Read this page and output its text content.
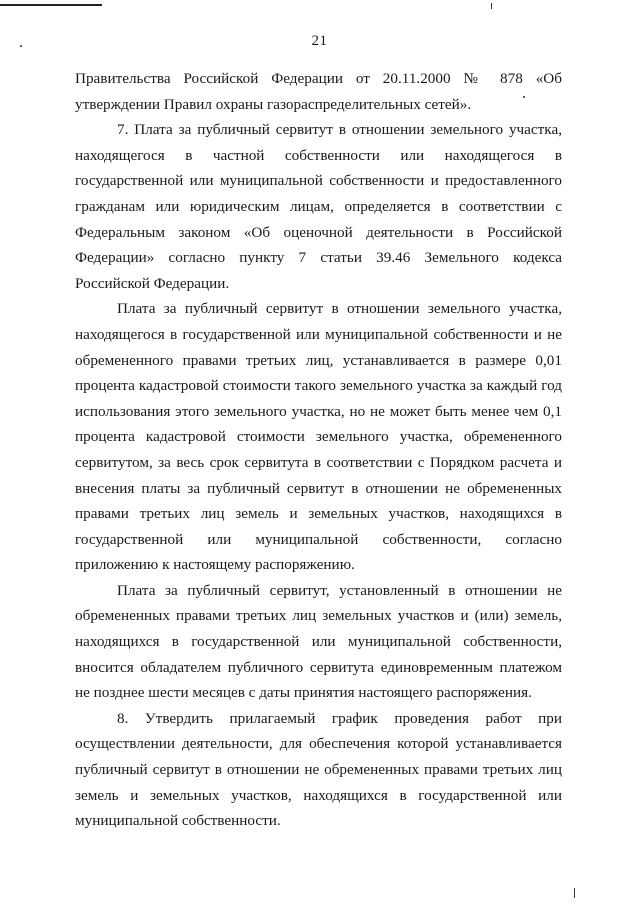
21

Правительства Российской Федерации от 20.11.2000 № 878 «Об утверждении Правил охраны газораспределительных сетей».

7. Плата за публичный сервитут в отношении земельного участка, находящегося в частной собственности или находящегося в государственной или муниципальной собственности и предоставленного гражданам или юридическим лицам, определяется в соответствии с Федеральным законом «Об оценочной деятельности в Российской Федерации» согласно пункту 7 статьи 39.46 Земельного кодекса Российской Федерации.

Плата за публичный сервитут в отношении земельного участка, находящегося в государственной или муниципальной собственности и не обремененного правами третьих лиц, устанавливается в размере 0,01 процента кадастровой стоимости такого земельного участка за каждый год использования этого земельного участка, но не может быть менее чем 0,1 процента кадастровой стоимости земельного участка, обремененного сервитутом, за весь срок сервитута в соответствии с Порядком расчета и внесения платы за публичный сервитут в отношении не обремененных правами третьих лиц земель и земельных участков, находящихся в государственной или муниципальной собственности, согласно приложению к настоящему распоряжению.

Плата за публичный сервитут, установленный в отношении не обремененных правами третьих лиц земельных участков и (или) земель, находящихся в государственной или муниципальной собственности, вносится обладателем публичного сервитута единовременным платежом не позднее шести месяцев с даты принятия настоящего распоряжения.

8. Утвердить прилагаемый график проведения работ при осуществлении деятельности, для обеспечения которой устанавливается публичный сервитут в отношении не обремененных правами третьих лиц земель и земельных участков, находящихся в государственной или муниципальной собственности.
